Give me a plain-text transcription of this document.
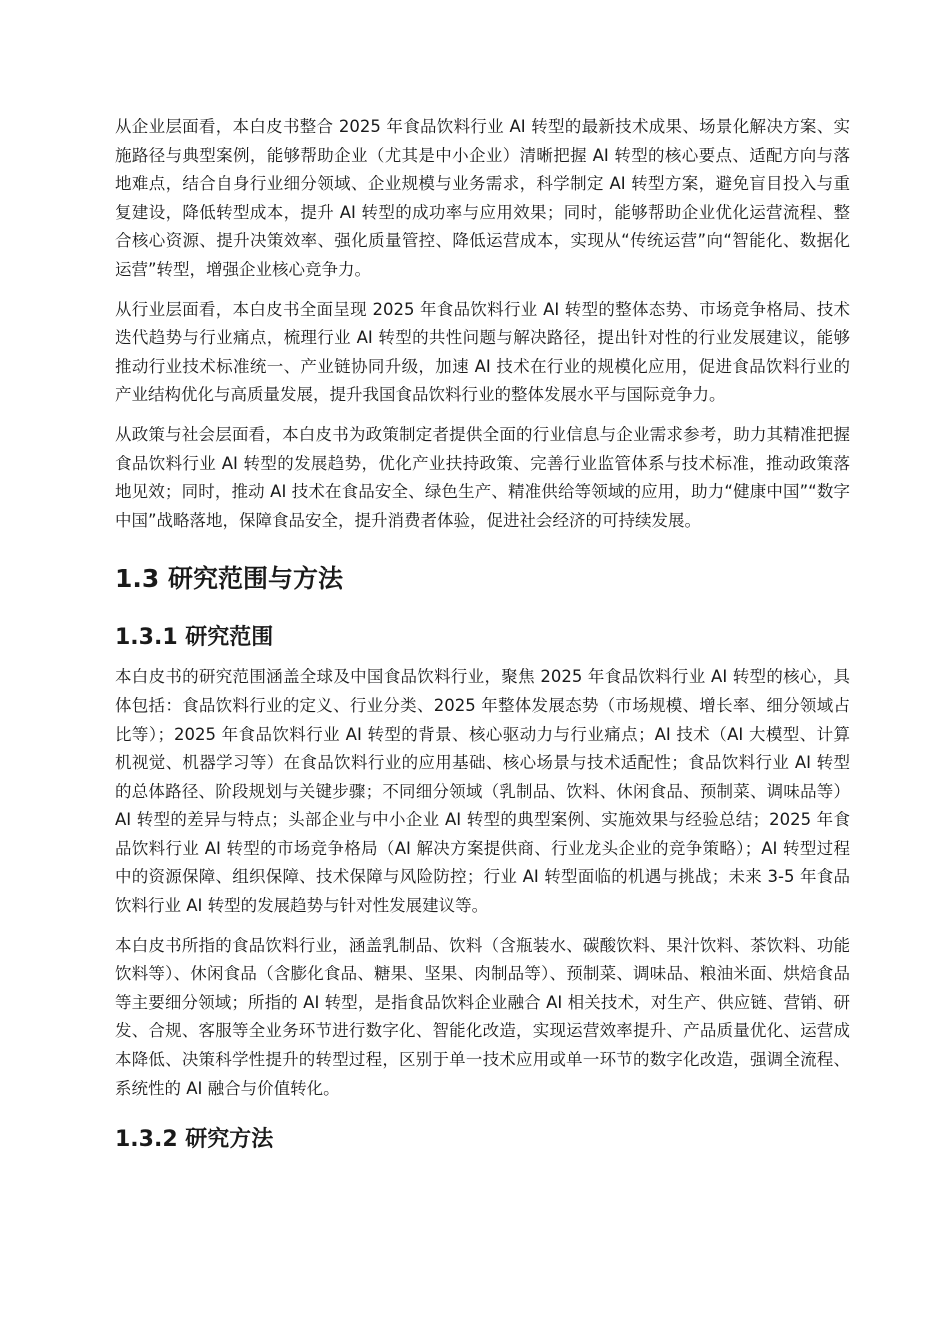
从企业层面看，本白皮书整合 2025 年食品饮料行业 AI 转型的最新技术成果、场景化解决方案、实施路径与典型案例，能够帮助企业（尤其是中小企业）清晰把握 AI 转型的核心要点、适配方向与落地难点，结合自身行业细分领域、企业规模与业务需求，科学制定 AI 转型方案，避免盲目投入与重复建设，降低转型成本，提升 AI 转型的成功率与应用效果；同时，能够帮助企业优化运营流程、整合核心资源、提升决策效率、强化质量管控、降低运营成本，实现从“传统运营”向“智能化、数据化运营”转型，增强企业核心竞争力。

从行业层面看，本白皮书全面呈现 2025 年食品饮料行业 AI 转型的整体态势、市场竞争格局、技术迭代趋势与行业痛点，梳理行业 AI 转型的共性问题与解决路径，提出针对性的行业发展建议，能够推动行业技术标准统一、产业链协同升级，加速 AI 技术在行业的规模化应用，促进食品饮料行业的产业结构优化与高质量发展，提升我国食品饮料行业的整体发展水平与国际竞争力。

从政策与社会层面看，本白皮书为政策制定者提供全面的行业信息与企业需求参考，助力其精准把握食品饮料行业 AI 转型的发展趋势，优化产业扶持政策、完善行业监管体系与技术标准，推动政策落地见效；同时，推动 AI 技术在食品安全、绿色生产、精准供给等领域的应用，助力“健康中国”“数字中国”战略落地，保障食品安全，提升消费者体验，促进社会经济的可持续发展。

1.3 研究范围与方法
1.3.1 研究范围

本白皮书的研究范围涵盖全球及中国食品饮料行业，聚焦 2025 年食品饮料行业 AI 转型的核心，具体包括：食品饮料行业的定义、行业分类、2025 年整体发展态势（市场规模、增长率、细分领域占比等）；2025 年食品饮料行业 AI 转型的背景、核心驱动力与行业痛点；AI 技术（AI 大模型、计算机视觉、机器学习等）在食品饮料行业的应用基础、核心场景与技术适配性；食品饮料行业 AI 转型的总体路径、阶段规划与关键步骤；不同细分领域（乳制品、饮料、休闲食品、预制菜、调味品等）AI 转型的差异与特点；头部企业与中小企业 AI 转型的典型案例、实施效果与经验总结；2025 年食品饮料行业 AI 转型的市场竞争格局（AI 解决方案提供商、行业龙头企业的竞争策略）；AI 转型过程中的资源保障、组织保障、技术保障与风险防控；行业 AI 转型面临的机遇与挑战；未来 3-5 年食品饮料行业 AI 转型的发展趋势与针对性发展建议等。

本白皮书所指的食品饮料行业，涵盖乳制品、饮料（含瓶装水、碳酸饮料、果汁饮料、茶饮料、功能饮料等）、休闲食品（含膨化食品、糖果、坚果、肉制品等）、预制菜、调味品、粮油米面、烘焙食品等主要细分领域；所指的 AI 转型，是指食品饮料企业融合 AI 相关技术，对生产、供应链、营销、研发、合规、客服等全业务环节进行数字化、智能化改造，实现运营效率提升、产品质量优化、运营成本降低、决策科学性提升的转型过程，区别于单一技术应用或单一环节的数字化改造，强调全流程、系统性的 AI 融合与价值转化。

1.3.2 研究方法
